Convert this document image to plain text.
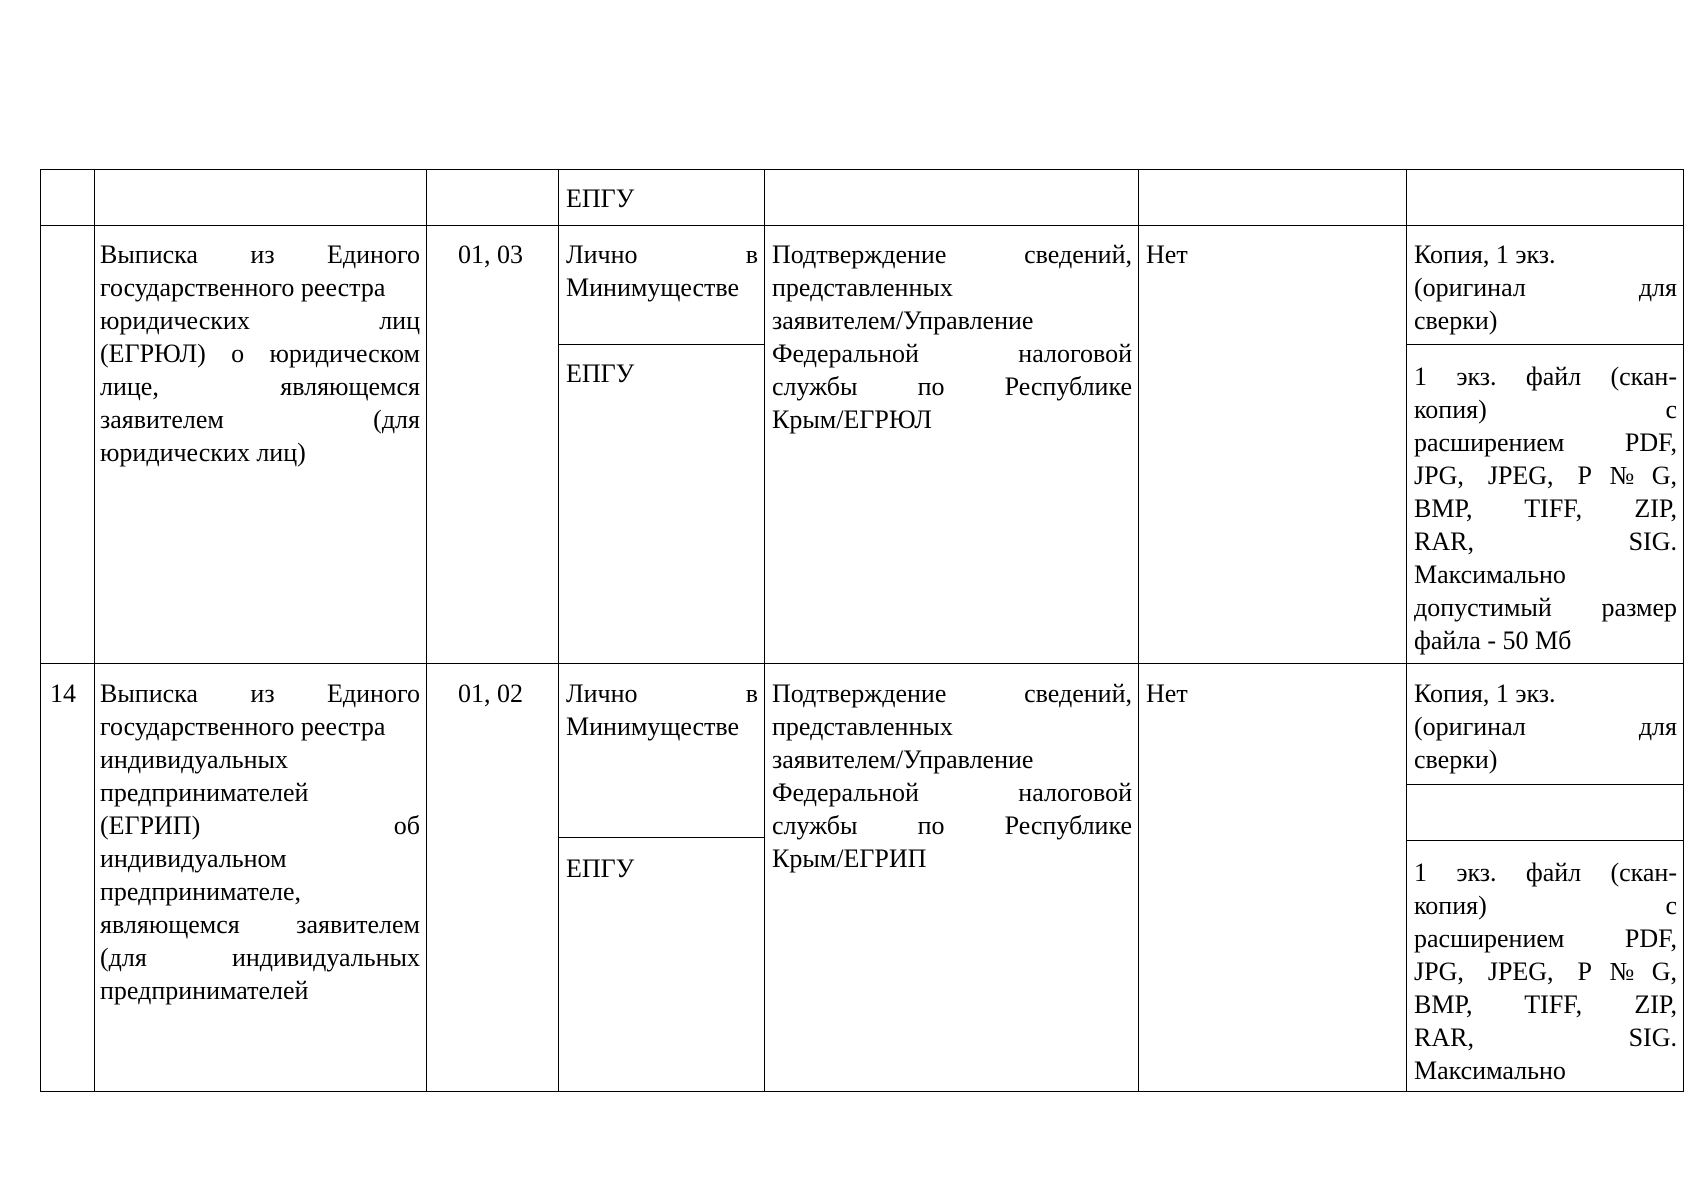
ЕПГУ
Выписка из Единого
государственного реестра
юридических лиц
(ЕГРЮЛ) о юридическом
лице, являющемся
заявителем (для
юридических лиц)
01, 03 Лично в
Минимуществе
ЕПГУ
Подтверждение сведений,
представленных
заявителем/Управление
Федеральной налоговой
службы по Республике
Крым/ЕГРЮЛ
Нет	Копия, 1 экз.
(оригинал для
сверки)
1 экз. файл (скан-
копия) с
расширением PDF,
JPG, JPEG, P№G,
BMP, TIFF, ZIP,
RAR, SIG.
Максимально
допустимый размер
файла - 50 Мб
14 Выписка из Единого
государственного реестра
индивидуальных
предпринимателей
(ЕГРИП) об
индивидуальном
предпринимателе,
являющемся заявителем
(для индивидуальных
предпринимателей
01, 02 Лично в
Минимуществе
ЕПГУ
Подтверждение сведений,
представленных
заявителем/Управление
Федеральной налоговой
службы по Республике
Крым/ЕГРИП
Нет	Копия, 1 экз.
(оригинал для
сверки)
1 экз. файл (скан-
копия) с
расширением PDF,
JPG, JPEG, P№G,
BMP, TIFF, ZIP,
RAR, SIG.
Максимально
